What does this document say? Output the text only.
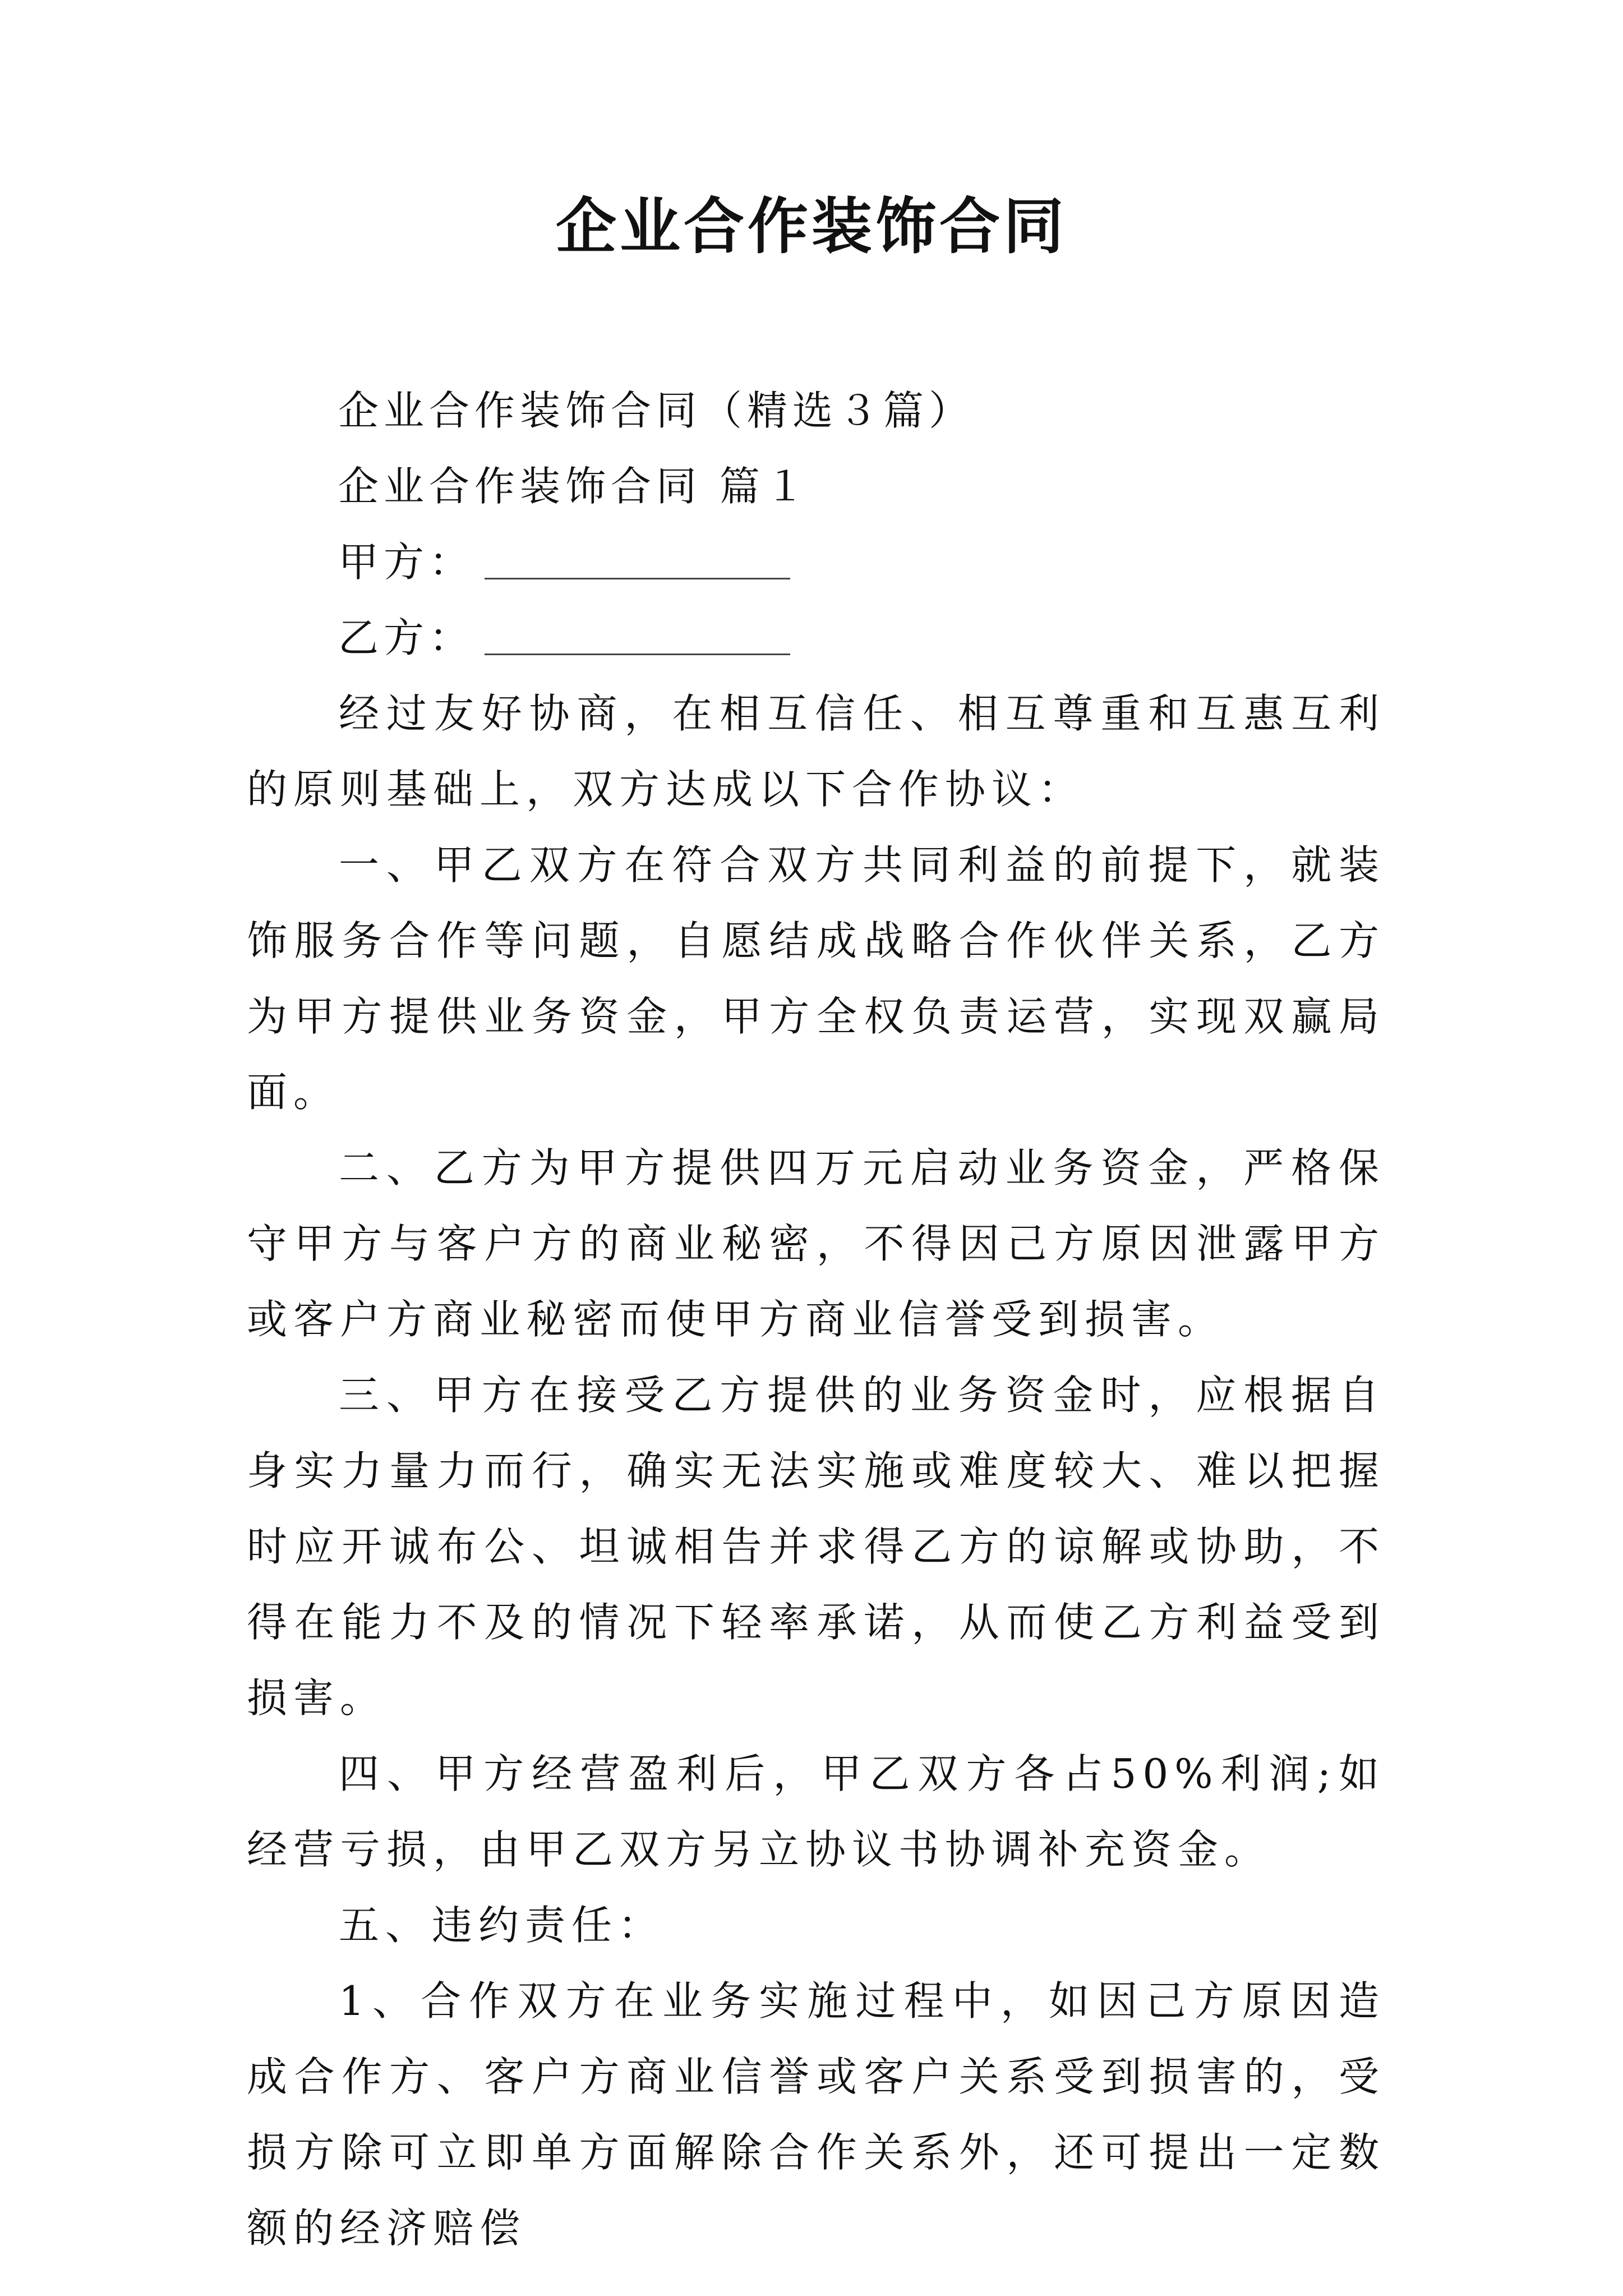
企业合作装饰合同

企业合作装饰合同（精选３篇）

企业合作装饰合同 篇１

甲方：

乙方：

经过友好协商，在相互信任、相互尊重和互惠互利的原则基础上，双方达成以下合作协议：

一、甲乙双方在符合双方共同利益的前提下，就装饰服务合作等问题，自愿结成战略合作伙伴关系，乙方为甲方提供业务资金，甲方全权负责运营，实现双赢局面。

二、乙方为甲方提供四万元启动业务资金，严格保守甲方与客户方的商业秘密，不得因己方原因泄露甲方或客户方商业秘密而使甲方商业信誉受到损害。

三、甲方在接受乙方提供的业务资金时，应根据自身实力量力而行，确实无法实施或难度较大、难以把握时应开诚布公、坦诚相告并求得乙方的谅解或协助，不得在能力不及的情况下轻率承诺，从而使乙方利益受到损害。

四、甲方经营盈利后，甲乙双方各占50%利润;如经营亏损，由甲乙双方另立协议书协调补充资金。

五、违约责任：

1、合作双方在业务实施过程中，如因己方原因造成合作方、客户方商业信誉或客户关系受到损害的，受损方除可立即单方面解除合作关系外，还可提出一定数额的经济赔偿
